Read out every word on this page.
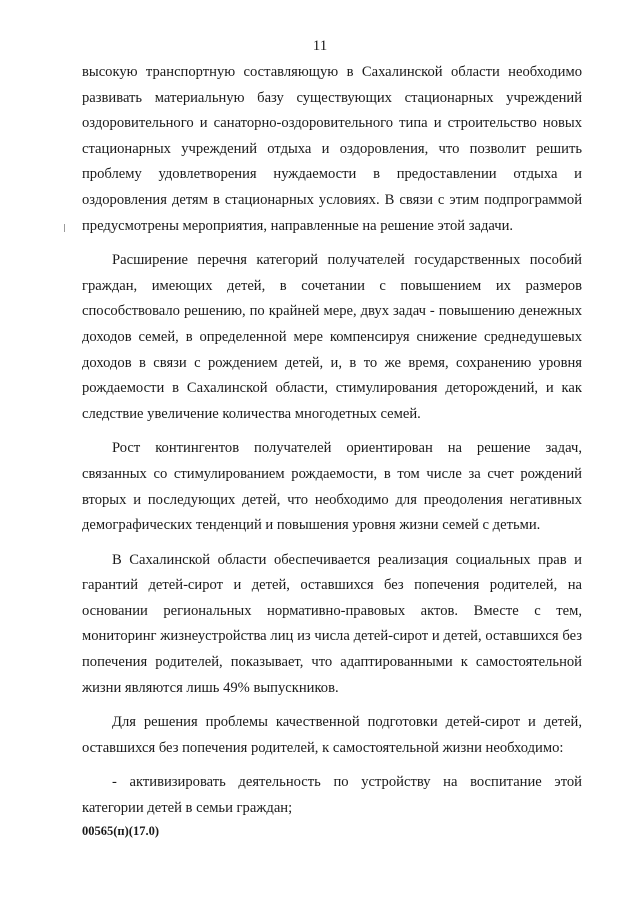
11

высокую транспортную составляющую в Сахалинской области необходимо развивать материальную базу существующих стационарных учреждений оздоровительного и санаторно-оздоровительного типа и строительство новых стационарных учреждений отдыха и оздоровления, что позволит решить проблему удовлетворения нуждаемости в предоставлении отдыха и оздоровления детям в стационарных условиях. В связи с этим подпрограммой предусмотрены мероприятия, направленные на решение этой задачи.

Расширение перечня категорий получателей государственных пособий граждан, имеющих детей, в сочетании с повышением их размеров способствовало решению, по крайней мере, двух задач - повышению денежных доходов семей, в определенной мере компенсируя снижение среднедушевых доходов в связи с рождением детей, и, в то же время, сохранению уровня рождаемости в Сахалинской области, стимулирования деторождений, и как следствие увеличение количества многодетных семей.

Рост контингентов получателей ориентирован на решение задач, связанных со стимулированием рождаемости, в том числе за счет рождений вторых и последующих детей, что необходимо для преодоления негативных демографических тенденций и повышения уровня жизни семей с детьми.

В Сахалинской области обеспечивается реализация социальных прав и гарантий детей-сирот и детей, оставшихся без попечения родителей, на основании региональных нормативно-правовых актов. Вместе с тем, мониторинг жизнеустройства лиц из числа детей-сирот и детей, оставшихся без попечения родителей, показывает, что адаптированными к самостоятельной жизни являются лишь 49% выпускников.

Для решения проблемы качественной подготовки детей-сирот и детей, оставшихся без попечения родителей, к самостоятельной жизни необходимо:

- активизировать деятельность по устройству на воспитание этой категории детей в семьи граждан;

00565(п)(17.0)
